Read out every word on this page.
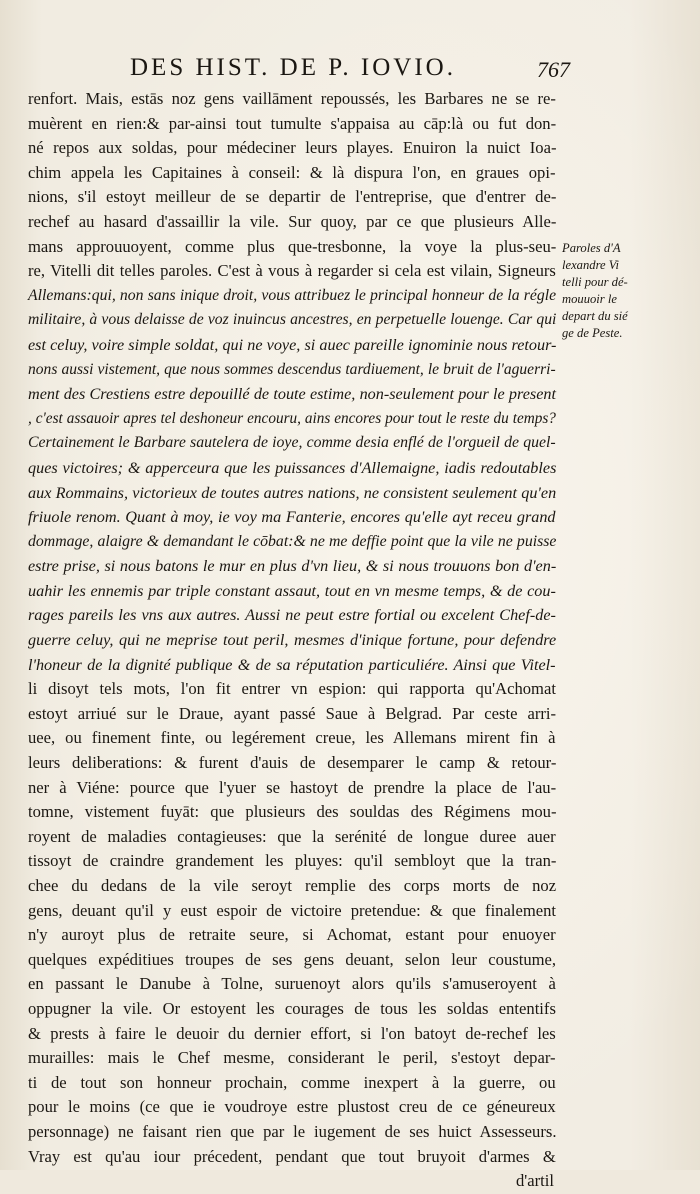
DES HIST. DE P. IOVIO.	767
renfort. Mais, estās noz gens vaillāment repoussés, les Barbares ne se re-
muèrent en rien:& par-ainsi tout tumulte s'appaisa au cāp:là ou fut don-
né repos aux soldas, pour médeciner leurs playes. Enuiron la nuict Ioa-
chim appela les Capitaines à conseil: & là dispura l'on, en graues opi-
nions, s'il estoyt meilleur de se departir de l'entreprise, que d'entrer de-
rechef au hasard d'assaillir la vile. Sur quoy, par ce que plusieurs Alle-
mans approuuoyent, comme plus que-tresbonne, la voye la plus-seu-
re, Vitelli dit telles paroles. C'est à vous à regarder si cela est vilain, Signeurs
Allemans:qui, non sans inique droit, vous attribuez le principal honneur de la régle
militaire, à vous delaisse de voz inuincus ancestres, en perpetuelle louenge. Car qui
est celuy, voire simple soldat, qui ne voye, si auec pareille ignominie nous retour-
nons aussi vistement, que nous sommes descendus tardiuement, le bruit de l'aguerri-
ment des Crestiens estre depouillé de toute estime, non-seulement pour le present
, c'est assauoir apres tel deshoneur encouru, ains encores pour tout le reste du temps?
Certainement le Barbare sautelera de ioye, comme desia enflé de l'orgueil de quel-
ques victoires; & apperceura que les puissances d'Allemaigne, iadis redoutables
aux Rommains, victorieux de toutes autres nations, ne consistent seulement qu'en
friuole renom. Quant à moy, ie voy ma Fanterie, encores qu'elle ayt receu grand
dommage, alaigre & demandant le cōbat:& ne me deffie point que la vile ne puisse
estre prise, si nous batons le mur en plus d'vn lieu, & si nous trouuons bon d'en-
uahir les ennemis par triple constant assaut, tout en vn mesme temps, & de cou-
rages pareils les vns aux autres. Aussi ne peut estre fortial ou excelent Chef-de-
guerre celuy, qui ne meprise tout peril, mesmes d'inique fortune, pour defendre
l'honeur de la dignité publique & de sa réputation particuliére. Ainsi que Vitel-
li disoyt tels mots, l'on fit entrer vn espion: qui rapporta qu'Achomat
estoyt arriué sur le Draue, ayant passé Saue à Belgrad. Par ceste arri-
uee, ou finement finte, ou legérement creue, les Allemans mirent fin à
leurs deliberations: & furent d'auis de desemparer le camp & retour-
ner à Viéne: pource que l'yuer se hastoyt de prendre la place de l'au-
tomne, vistement fuyāt: que plusieurs des souldas des Régimens mou-
royent de maladies contagieuses: que la serénité de longue duree auer
tissoyt de craindre grandement les pluyes: qu'il sembloyt que la tran-
chee du dedans de la vile seroyt remplie des corps morts de noz
gens, deuant qu'il y eust espoir de victoire pretendue: & que finalement
n'y auroyt plus de retraite seure, si Achomat, estant pour enuoyer
quelques expéditiues troupes de ses gens deuant, selon leur coustume,
en passant le Danube à Tolne, suruenoyt alors qu'ils s'amuseroyent à
oppugner la vile. Or estoyent les courages de tous les soldas ententifs
& prests à faire le deuoir du dernier effort, si l'on batoyt de-rechef les
murailles: mais le Chef mesme, considerant le peril, s'estoyt depar-
ti de tout son honneur prochain, comme inexpert à la guerre, ou
pour le moins (ce que ie voudroye estre plustost creu de ce géneureux
personnage) ne faisant rien que par le iugement de ses huict Assesseurs.
Vray est qu'au iour précedent, pendant que tout bruyoit d'armes &
d'artil
Paroles d'A
lexandre Vi
telli pour dé-
mouuoir le
depart du sié
ge de Peste.
